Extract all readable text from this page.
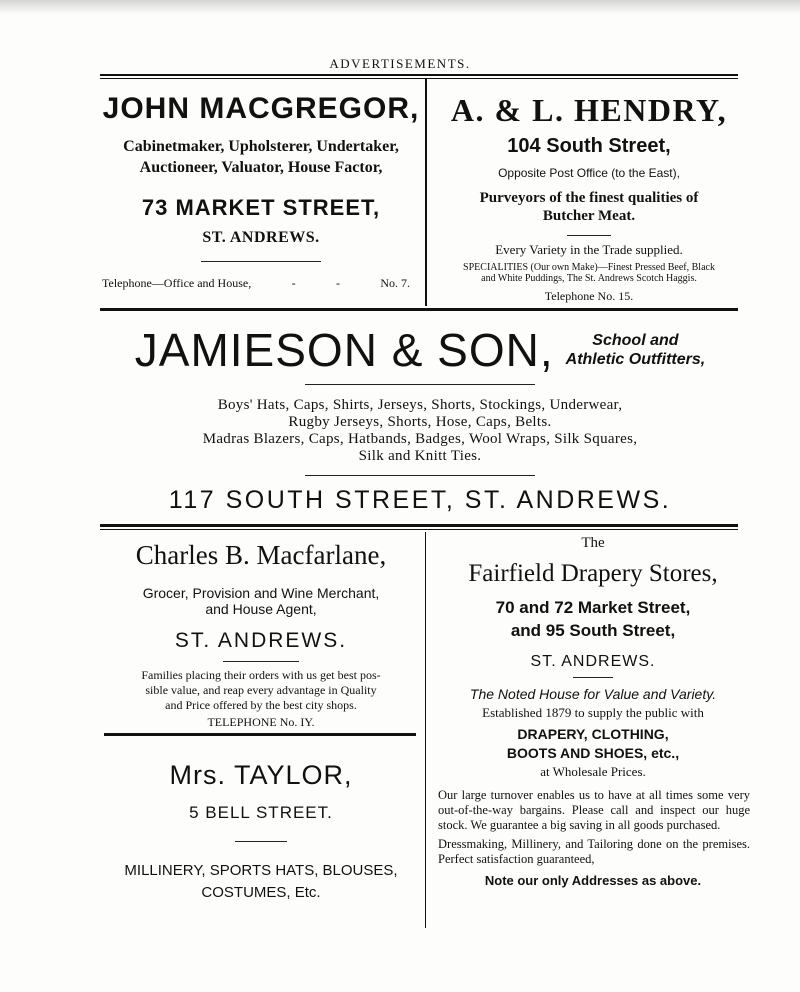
ADVERTISEMENTS.
JOHN MACGREGOR,
Cabinetmaker, Upholsterer, Undertaker,
Auctioneer, Valuator, House Factor,
73 MARKET STREET,
ST. ANDREWS.
Telephone—Office and House,	-	-	No. 7.
A. & L. HENDRY,
104 South Street,
Opposite Post Office (to the East),
Purveyors of the finest qualities of
Butcher Meat.
Every Variety in the Trade supplied.
SPECIALITIES (Our own Make)—Finest Pressed Beef, Black
and White Puddings, The St. Andrews Scotch Haggis.
Telephone No. 15.
JAMIESON & SON,	School and
Athletic Outfitters,
Boys' Hats, Caps, Shirts, Jerseys, Shorts, Stockings, Underwear,
Rugby Jerseys, Shorts, Hose, Caps, Belts.
Madras Blazers, Caps, Hatbands, Badges, Wool Wraps, Silk Squares,
Silk and Knitt Ties.
117 SOUTH STREET, ST. ANDREWS.
Charles B. Macfarlane,
Grocer, Provision and Wine Merchant,
and House Agent,
ST. ANDREWS.
Families placing their orders with us get best pos-
sible value, and reap every advantage in Quality
and Price offered by the best city shops.
TELEPHONE No. IY.
Mrs. TAYLOR,
5 BELL STREET.
MILLINERY, SPORTS HATS, BLOUSES,
COSTUMES, Etc.
The
Fairfield Drapery Stores,
70 and 72 Market Street,
and 95 South Street,
ST. ANDREWS.
The Noted House for Value and Variety.
Established 1879 to supply the public with
DRAPERY, CLOTHING,
BOOTS AND SHOES, etc.,
at Wholesale Prices.
Our large turnover enables us to have at all times some very out-of-the-way bargains. Please call and inspect our huge stock. We guarantee a big saving in all goods purchased.
Dressmaking, Millinery, and Tailoring done on the premises. Perfect satisfaction guaranteed,
Note our only Addresses as above.
